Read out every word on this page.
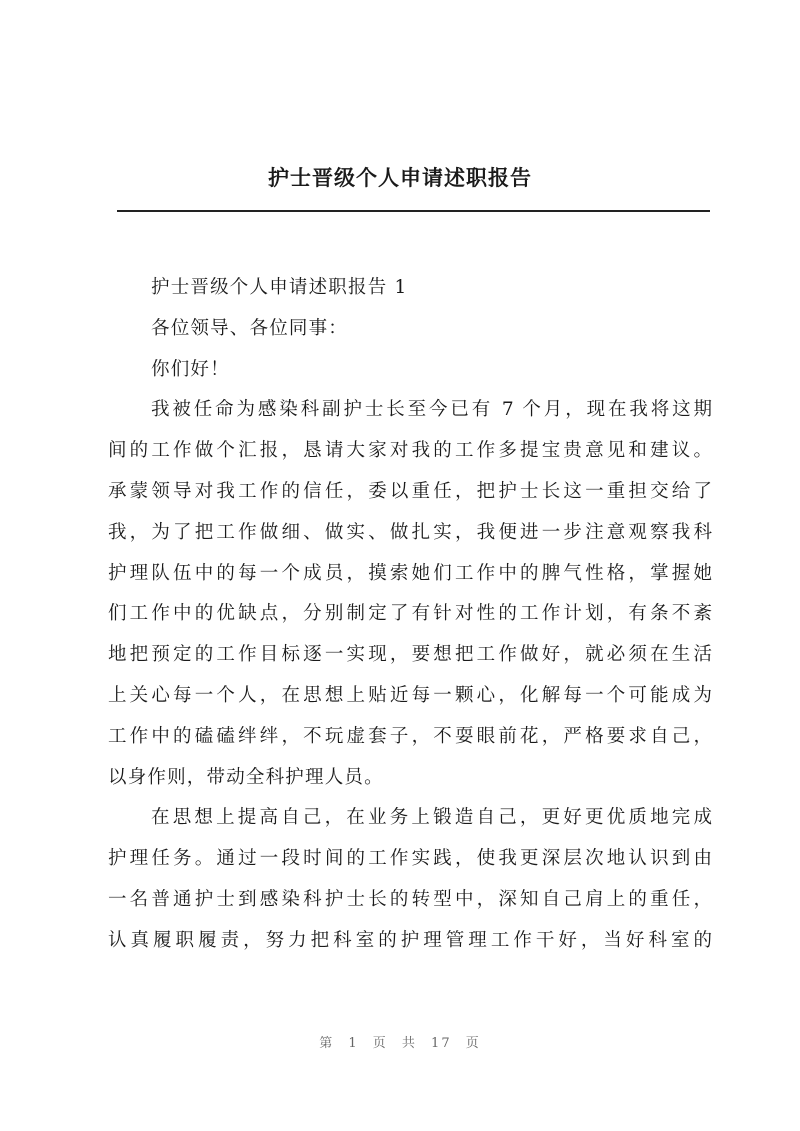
护士晋级个人申请述职报告
护士晋级个人申请述职报告 1
各位领导、各位同事：
你们好！
我被任命为感染科副护士长至今已有 7 个月，现在我将这期
间的工作做个汇报，恳请大家对我的工作多提宝贵意见和建议。
承蒙领导对我工作的信任，委以重任，把护士长这一重担交给了
我，为了把工作做细、做实、做扎实，我便进一步注意观察我科
护理队伍中的每一个成员，摸索她们工作中的脾气性格，掌握她
们工作中的优缺点，分别制定了有针对性的工作计划，有条不紊
地把预定的工作目标逐一实现，要想把工作做好，就必须在生活
上关心每一个人，在思想上贴近每一颗心，化解每一个可能成为
工作中的磕磕绊绊，不玩虚套子，不耍眼前花，严格要求自己，
以身作则，带动全科护理人员。
在思想上提高自己，在业务上锻造自己，更好更优质地完成
护理任务。通过一段时间的工作实践，使我更深层次地认识到由
一名普通护士到感染科护士长的转型中，深知自己肩上的重任，
认真履职履责，努力把科室的护理管理工作干好，当好科室的
第 1 页 共 17 页
